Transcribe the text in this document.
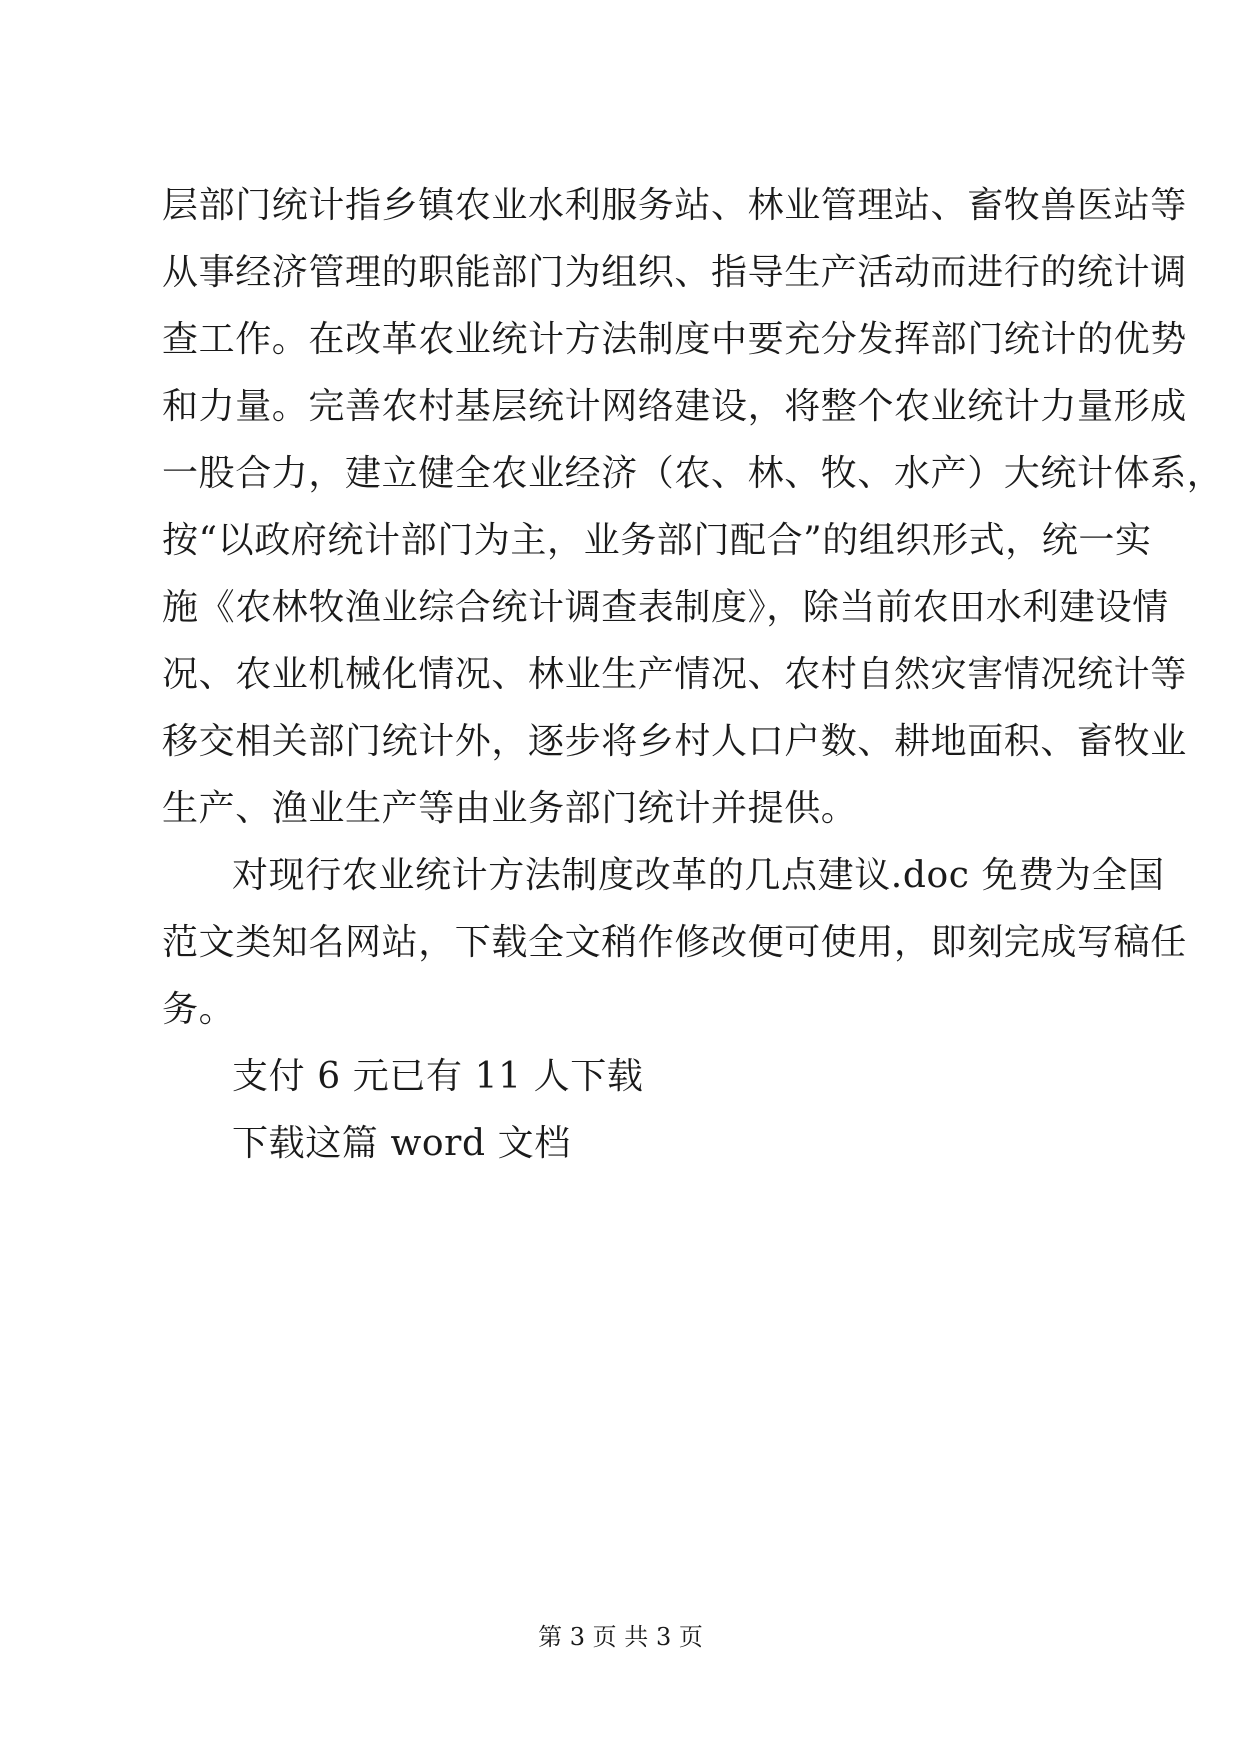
层部门统计指乡镇农业水利服务站、林业管理站、畜牧兽医站等
从事经济管理的职能部门为组织、指导生产活动而进行的统计调
查工作。在改革农业统计方法制度中要充分发挥部门统计的优势
和力量。完善农村基层统计网络建设，将整个农业统计力量形成
一股合力，建立健全农业经济（农、林、牧、水产）大统计体系，
按“以政府统计部门为主，业务部门配合”的组织形式，统一实
施《农林牧渔业综合统计调查表制度》，除当前农田水利建设情
况、农业机械化情况、林业生产情况、农村自然灾害情况统计等
移交相关部门统计外，逐步将乡村人口户数、耕地面积、畜牧业
生产、渔业生产等由业务部门统计并提供。
对现行农业统计方法制度改革的几点建议.doc 免费为全国
范文类知名网站，下载全文稍作修改便可使用，即刻完成写稿任
务。
支付 6 元已有 11 人下载
下载这篇 word 文档
第 3 页 共 3 页
